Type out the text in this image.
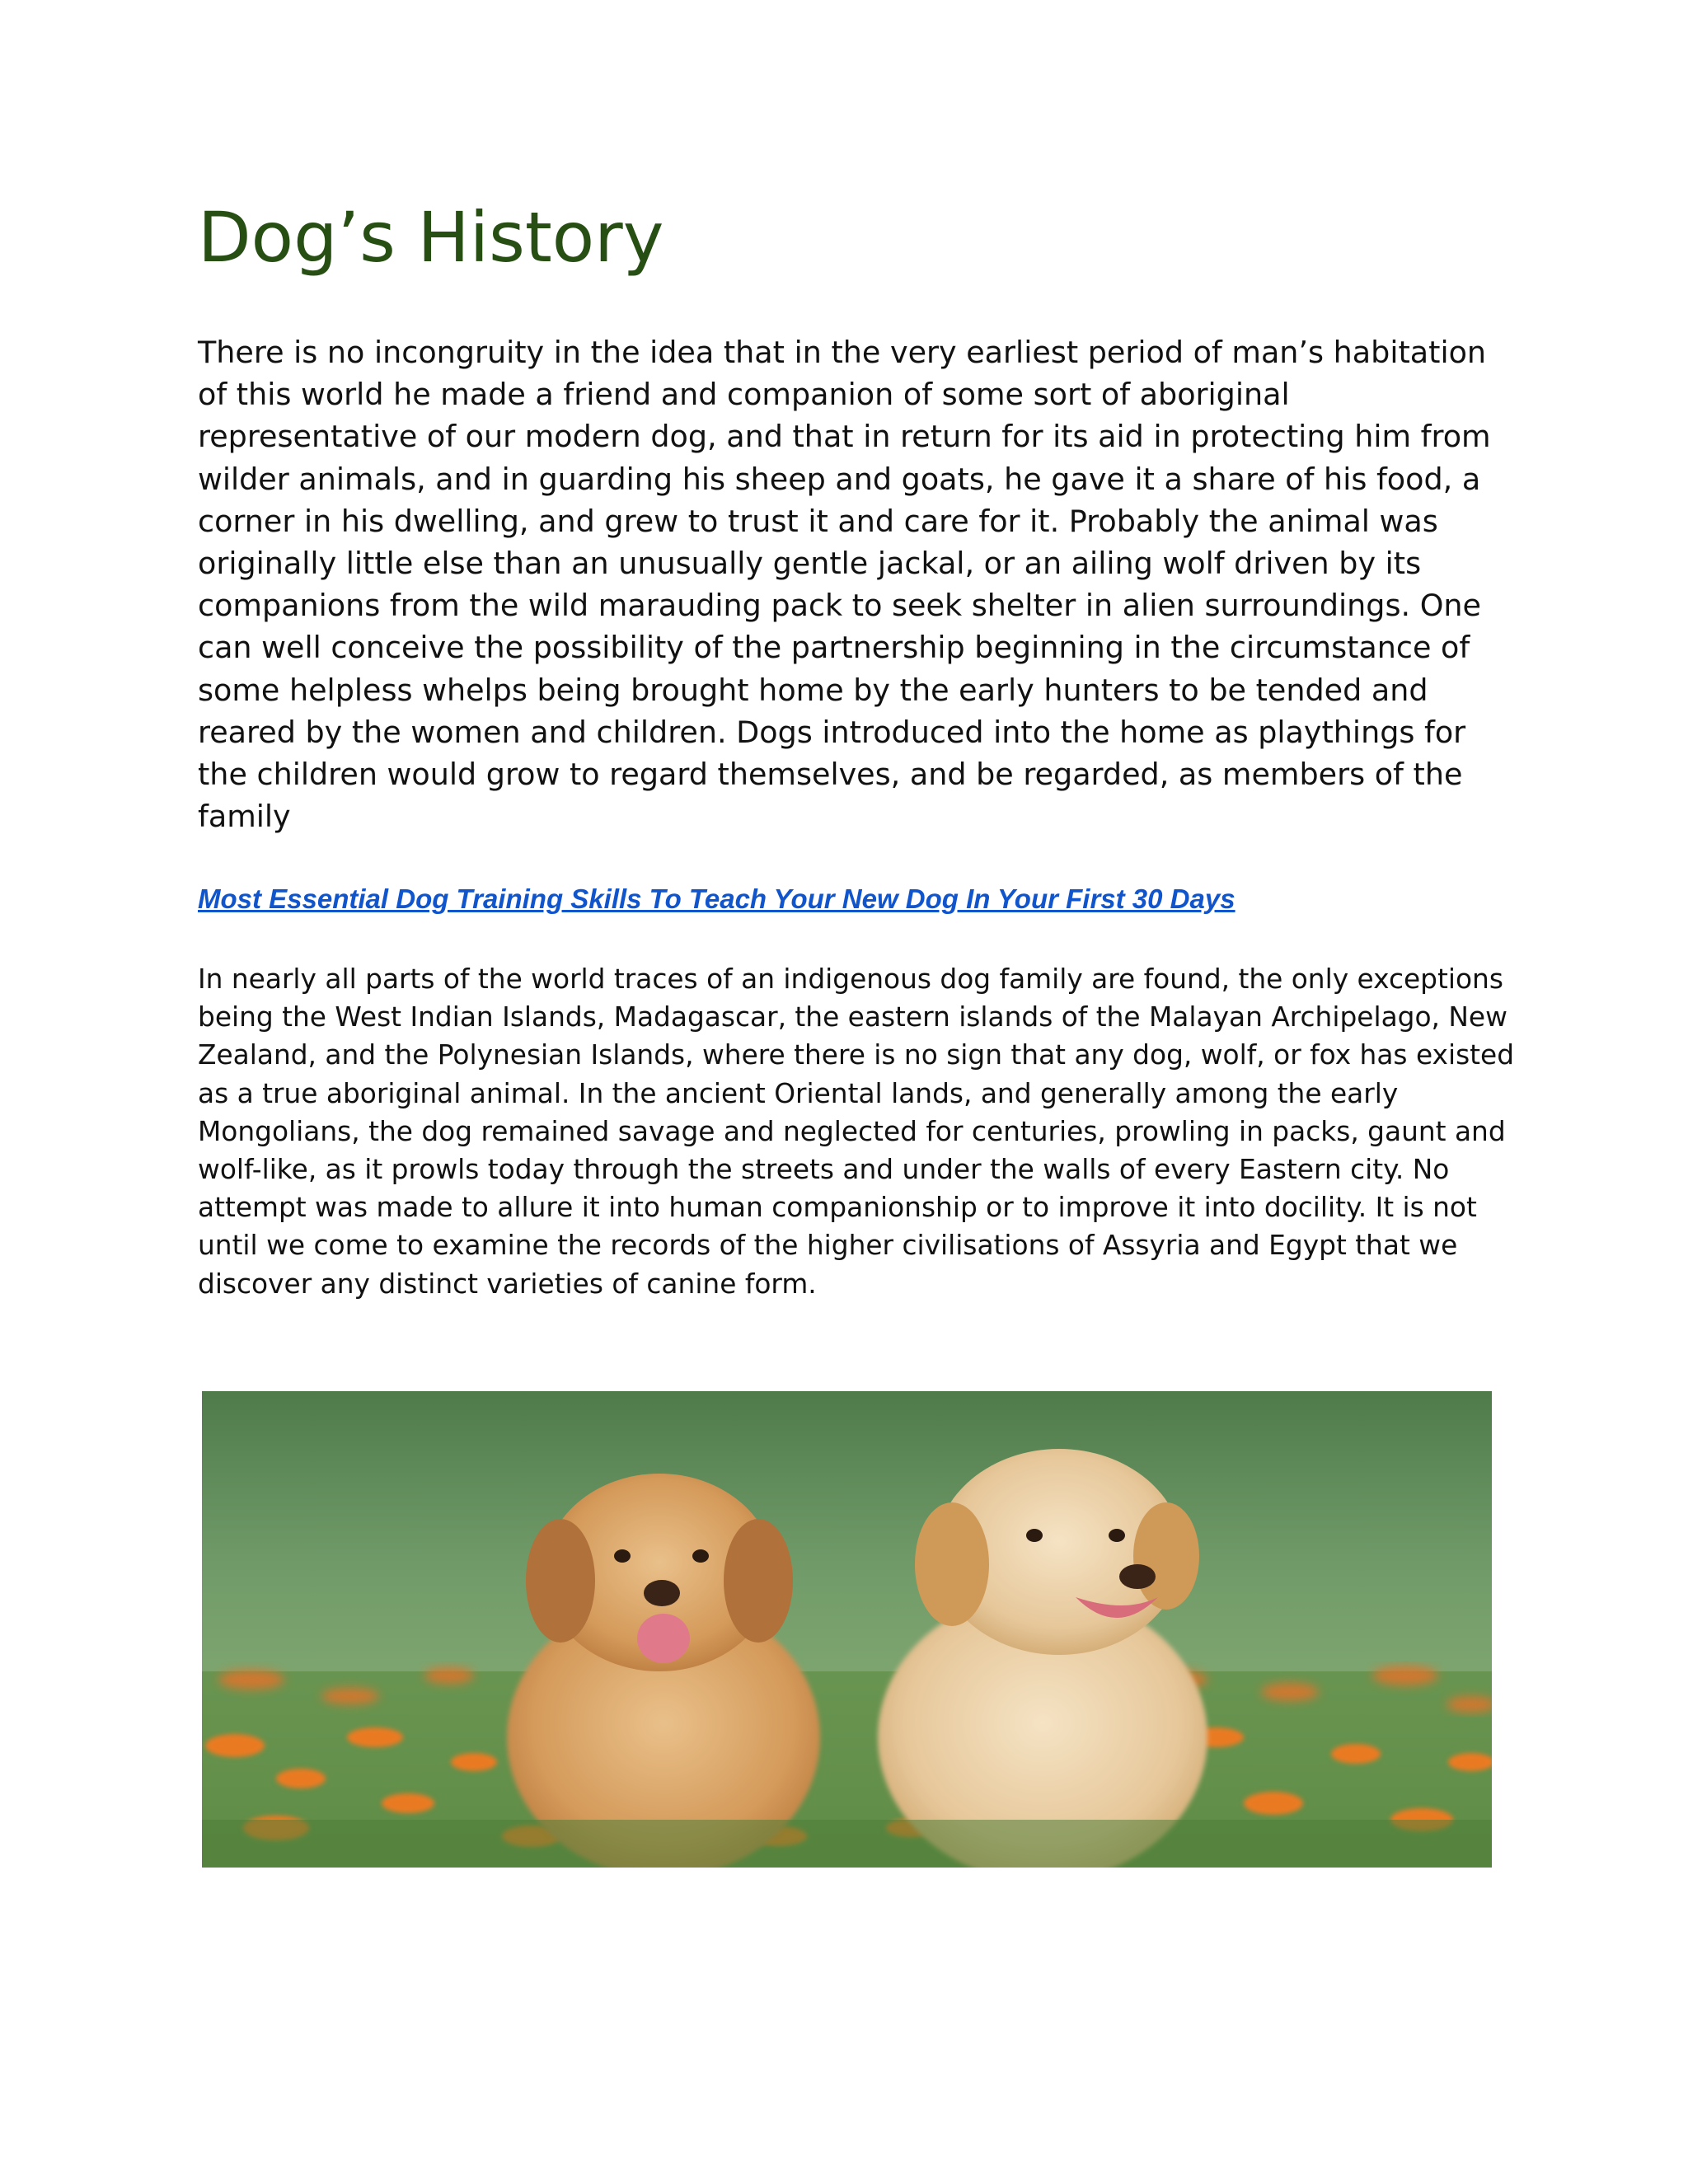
Dog’s History

There is no incongruity in the idea that in the very earliest period of man’s habitation of this world he made a friend and companion of some sort of aboriginal representative of our modern dog, and that in return for its aid in protecting him from wilder animals, and in guarding his sheep and goats, he gave it a share of his food, a corner in his dwelling, and grew to trust it and care for it. Probably the animal was originally little else than an unusually gentle jackal, or an ailing wolf driven by its companions from the wild marauding pack to seek shelter in alien surroundings. One can well conceive the possibility of the partnership beginning in the circumstance of some helpless whelps being brought home by the early hunters to be tended and reared by the women and children. Dogs introduced into the home as playthings for the children would grow to regard themselves, and be regarded, as members of the family

Most Essential Dog Training Skills To Teach Your New Dog In Your First 30 Days

In nearly all parts of the world traces of an indigenous dog family are found, the only exceptions being the West Indian Islands, Madagascar, the eastern islands of the Malayan Archipelago, New Zealand, and the Polynesian Islands, where there is no sign that any dog, wolf, or fox has existed as a true aboriginal animal. In the ancient Oriental lands, and generally among the early Mongolians, the dog remained savage and neglected for centuries, prowling in packs, gaunt and wolf-like, as it prowls today through the streets and under the walls of every Eastern city. No attempt was made to allure it into human companionship or to improve it into docility. It is not until we come to examine the records of the higher civilisations of Assyria and Egypt that we discover any distinct varieties of canine form.
